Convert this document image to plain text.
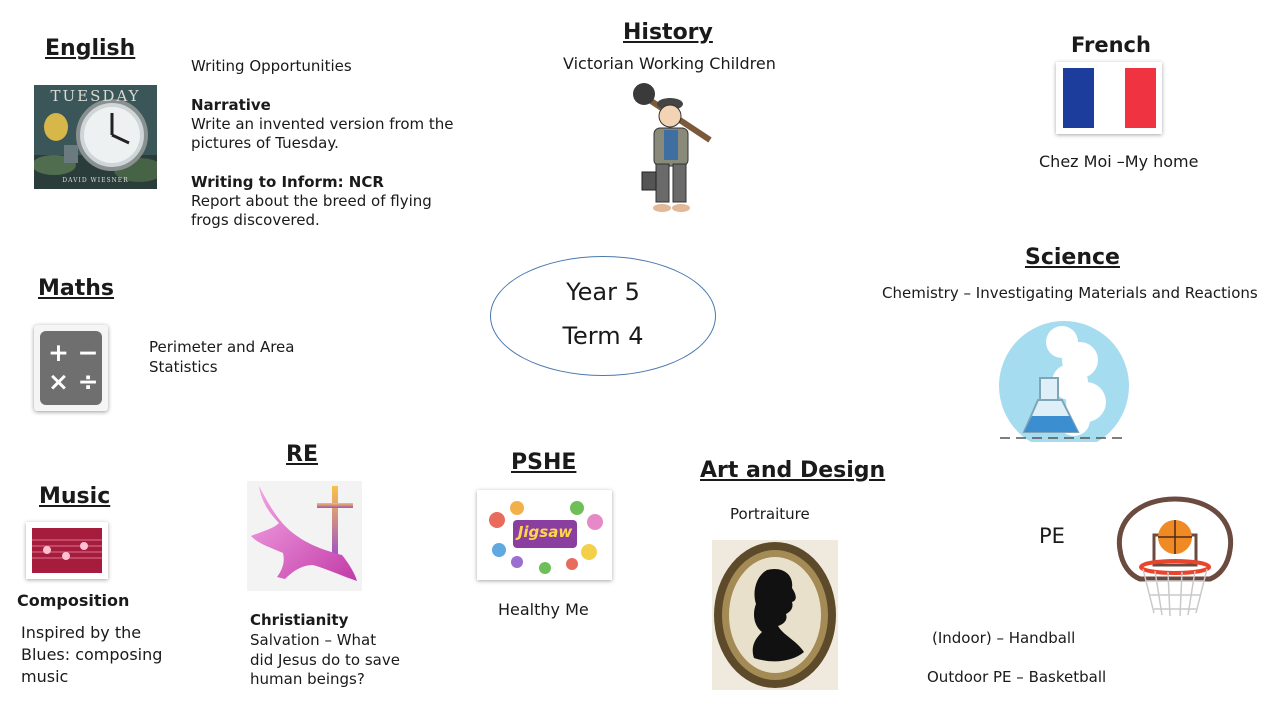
English
TUESDAY
DAVID WIESNER
Writing Opportunities
Narrative
Write an invented version from the
pictures of Tuesday.
Writing to Inform: NCR
Report about the breed of flying
frogs discovered.
History
Victorian Working Children
French
Chez Moi –My home
Year 5
Term 4
Maths
+ −
× ÷
Perimeter and Area
Statistics
Science
Chemistry – Investigating Materials and Reactions
Music
Composition
Inspired by the
Blues: composing
music
RE
Christianity
Salvation – What
did Jesus do to save
human beings?
PSHE
Jigsaw
Healthy Me
Art and Design
Portraiture
PE
(Indoor) – Handball
Outdoor PE – Basketball
